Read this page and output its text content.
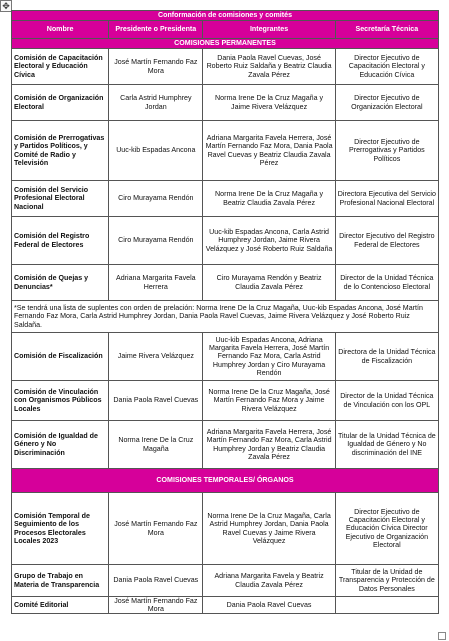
✥
Conformación de comisiones y comités			
Nombre	Presidente o Presidenta	Integrantes	Secretaría Técnica
COMISIONES PERMANENTES			
Comisión de Capacitación Electoral y Educación Cívica	José Martín Fernando Faz Mora	Dania Paola Ravel Cuevas, José Roberto Ruiz Saldaña y Beatriz Claudia Zavala Pérez	Director Ejecutivo de Capacitación Electoral y Educación Cívica
Comisión de Organización Electoral	Carla Astrid Humphrey Jordan	Norma Irene De la Cruz Magaña y Jaime Rivera Velázquez	Director Ejecutivo de Organización Electoral
Comisión de Prerrogativas y Partidos Políticos, y Comité de Radio y Televisión	Uuc-kib Espadas Ancona	Adriana Margarita Favela Herrera, José Martín Fernando Faz Mora, Dania Paola Ravel Cuevas y Beatriz Claudia Zavala Pérez	Director Ejecutivo de Prerrogativas y Partidos Políticos
Comisión del Servicio Profesional Electoral Nacional	Ciro Murayama Rendón	Norma Irene De la Cruz Magaña y Beatriz Claudia Zavala Pérez	Directora Ejecutiva del Servicio Profesional Nacional Electoral
Comisión del Registro Federal de Electores	Ciro Murayama Rendón	Uuc-kib Espadas Ancona, Carla Astrid Humphrey Jordan, Jaime Rivera Velázquez y José Roberto Ruiz Saldaña	Director Ejecutivo del Registro Federal de Electores
Comisión de Quejas y Denuncias*	Adriana Margarita Favela Herrera	Ciro Murayama Rendón y Beatriz Claudia Zavala Pérez	Director de la Unidad Técnica de lo Contencioso Electoral
*Se tendrá una lista de suplentes con orden de prelación: Norma Irene De la Cruz Magaña, Uuc-kib Espadas Ancona, José Martín Fernando Faz Mora, Carla Astrid Humphrey Jordan, Dania Paola Ravel Cuevas, Jaime Rivera Velázquez y José Roberto Ruiz Saldaña.			
Comisión de Fiscalización	Jaime Rivera Velázquez	Uuc-kib Espadas Ancona, Adriana Margarita Favela Herrera, José Martín Fernando Faz Mora, Carla Astrid Humphrey Jordan y Ciro Murayama Rendón	Directora de la Unidad Técnica de Fiscalización
Comisión de Vinculación con Organismos Públicos Locales	Dania Paola Ravel Cuevas	Norma Irene De la Cruz Magaña, José Martín Fernando Faz Mora y Jaime Rivera Velázquez	Director de la Unidad Técnica de Vinculación con los OPL
Comisión de Igualdad de Género y No Discriminación	Norma Irene De la Cruz Magaña	Adriana Margarita Favela Herrera, José Martín Fernando Faz Mora, Carla Astrid Humphrey Jordan y Beatriz Claudia Zavala Pérez	Titular de la Unidad Técnica de Igualdad de Género y No discriminación del INE
COMISIONES TEMPORALES/ ÓRGANOS			
Comisión Temporal de Seguimiento de los Procesos Electorales Locales 2023	José Martín Fernando Faz Mora	Norma Irene De la Cruz Magaña, Carla Astrid Humphrey Jordan, Dania Paola Ravel Cuevas y Jaime Rivera Velázquez	Director Ejecutivo de Capacitación Electoral y Educación Cívica Director Ejecutivo de Organización Electoral
Grupo de Trabajo en Materia de Transparencia	Dania Paola Ravel Cuevas	Adriana Margarita Favela y Beatriz Claudia Zavala Pérez	Titular de la Unidad de Transparencia y Protección de Datos Personales
Comité Editorial	José Martín Fernando Faz Mora	Dania Paola Ravel Cuevas	
